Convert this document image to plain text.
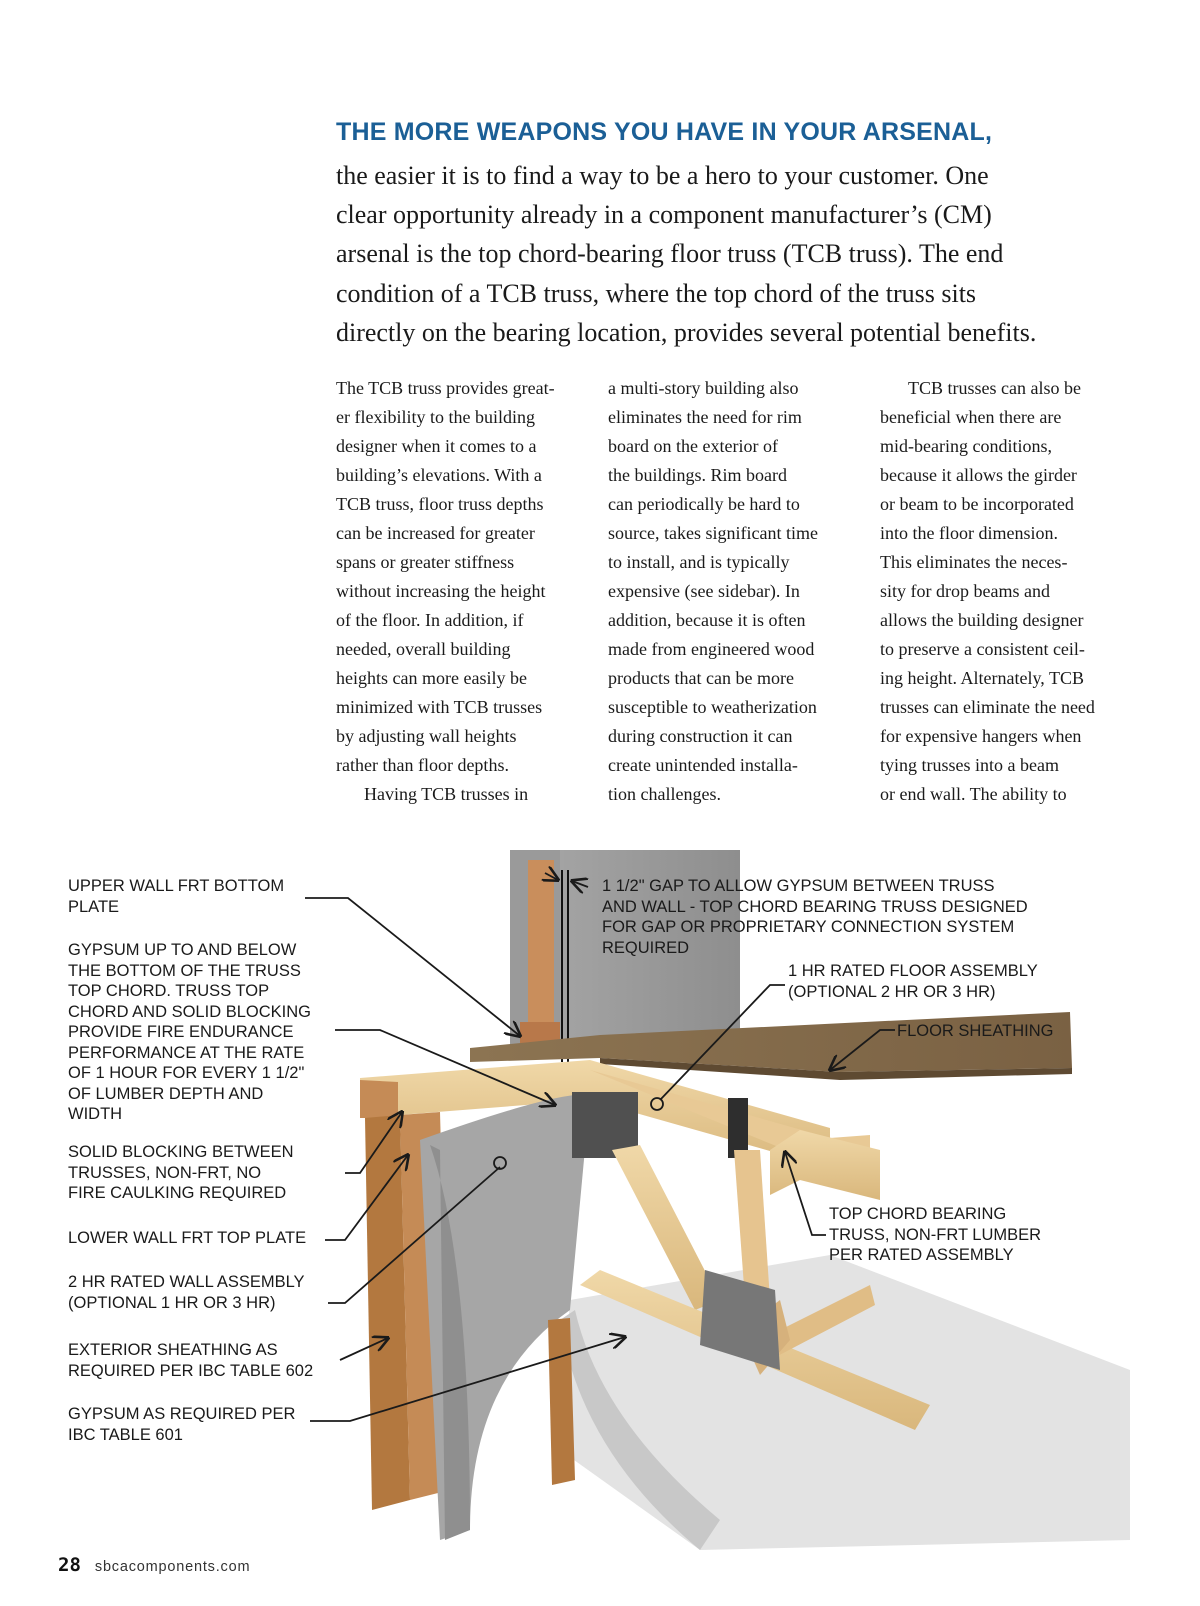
THE MORE WEAPONS YOU HAVE IN YOUR ARSENAL,
the easier it is to find a way to be a hero to your customer. One
clear opportunity already in a component manufacturer’s (CM)
arsenal is the top chord-bearing floor truss (TCB truss). The end
condition of a TCB truss, where the top chord of the truss sits
directly on the bearing location, provides several potential benefits.
The TCB truss provides great-
er flexibility to the building
designer when it comes to a
building’s elevations. With a
TCB truss, floor truss depths
can be increased for greater
spans or greater stiffness
without increasing the height
of the floor. In addition, if
needed, overall building
heights can more easily be
minimized with TCB trusses
by adjusting wall heights
rather than floor depths.
Having TCB trusses in
a multi-story building also
eliminates the need for rim
board on the exterior of
the buildings. Rim board
can periodically be hard to
source, takes significant time
to install, and is typically
expensive (see sidebar). In
addition, because it is often
made from engineered wood
products that can be more
susceptible to weatherization
during construction it can
create unintended installa-
tion challenges.
TCB trusses can also be
beneficial when there are
mid-bearing conditions,
because it allows the girder
or beam to be incorporated
into the floor dimension.
This eliminates the neces-
sity for drop beams and
allows the building designer
to preserve a consistent ceil-
ing height. Alternately, TCB
trusses can eliminate the need
for expensive hangers when
tying trusses into a beam
or end wall. The ability to
UPPER WALL FRT BOTTOM
PLATE
GYPSUM UP TO AND BELOW
THE BOTTOM OF THE TRUSS
TOP CHORD. TRUSS TOP
CHORD AND SOLID BLOCKING
PROVIDE FIRE ENDURANCE
PERFORMANCE AT THE RATE
OF 1 HOUR FOR EVERY 1 1/2"
OF LUMBER DEPTH AND
WIDTH
SOLID BLOCKING BETWEEN
TRUSSES, NON-FRT, NO
FIRE CAULKING REQUIRED
LOWER WALL FRT TOP PLATE
2 HR RATED WALL ASSEMBLY
(OPTIONAL 1 HR OR 3 HR)
EXTERIOR SHEATHING AS
REQUIRED PER IBC TABLE 602
GYPSUM AS REQUIRED PER
IBC TABLE 601
1 1/2" GAP TO ALLOW GYPSUM BETWEEN TRUSS
AND WALL - TOP CHORD BEARING TRUSS DESIGNED
FOR GAP OR PROPRIETARY CONNECTION SYSTEM
REQUIRED
1 HR RATED FLOOR ASSEMBLY
(OPTIONAL 2 HR OR 3 HR)
FLOOR SHEATHING
TOP CHORD BEARING
TRUSS, NON-FRT LUMBER
PER RATED ASSEMBLY
28 sbcacomponents.com
